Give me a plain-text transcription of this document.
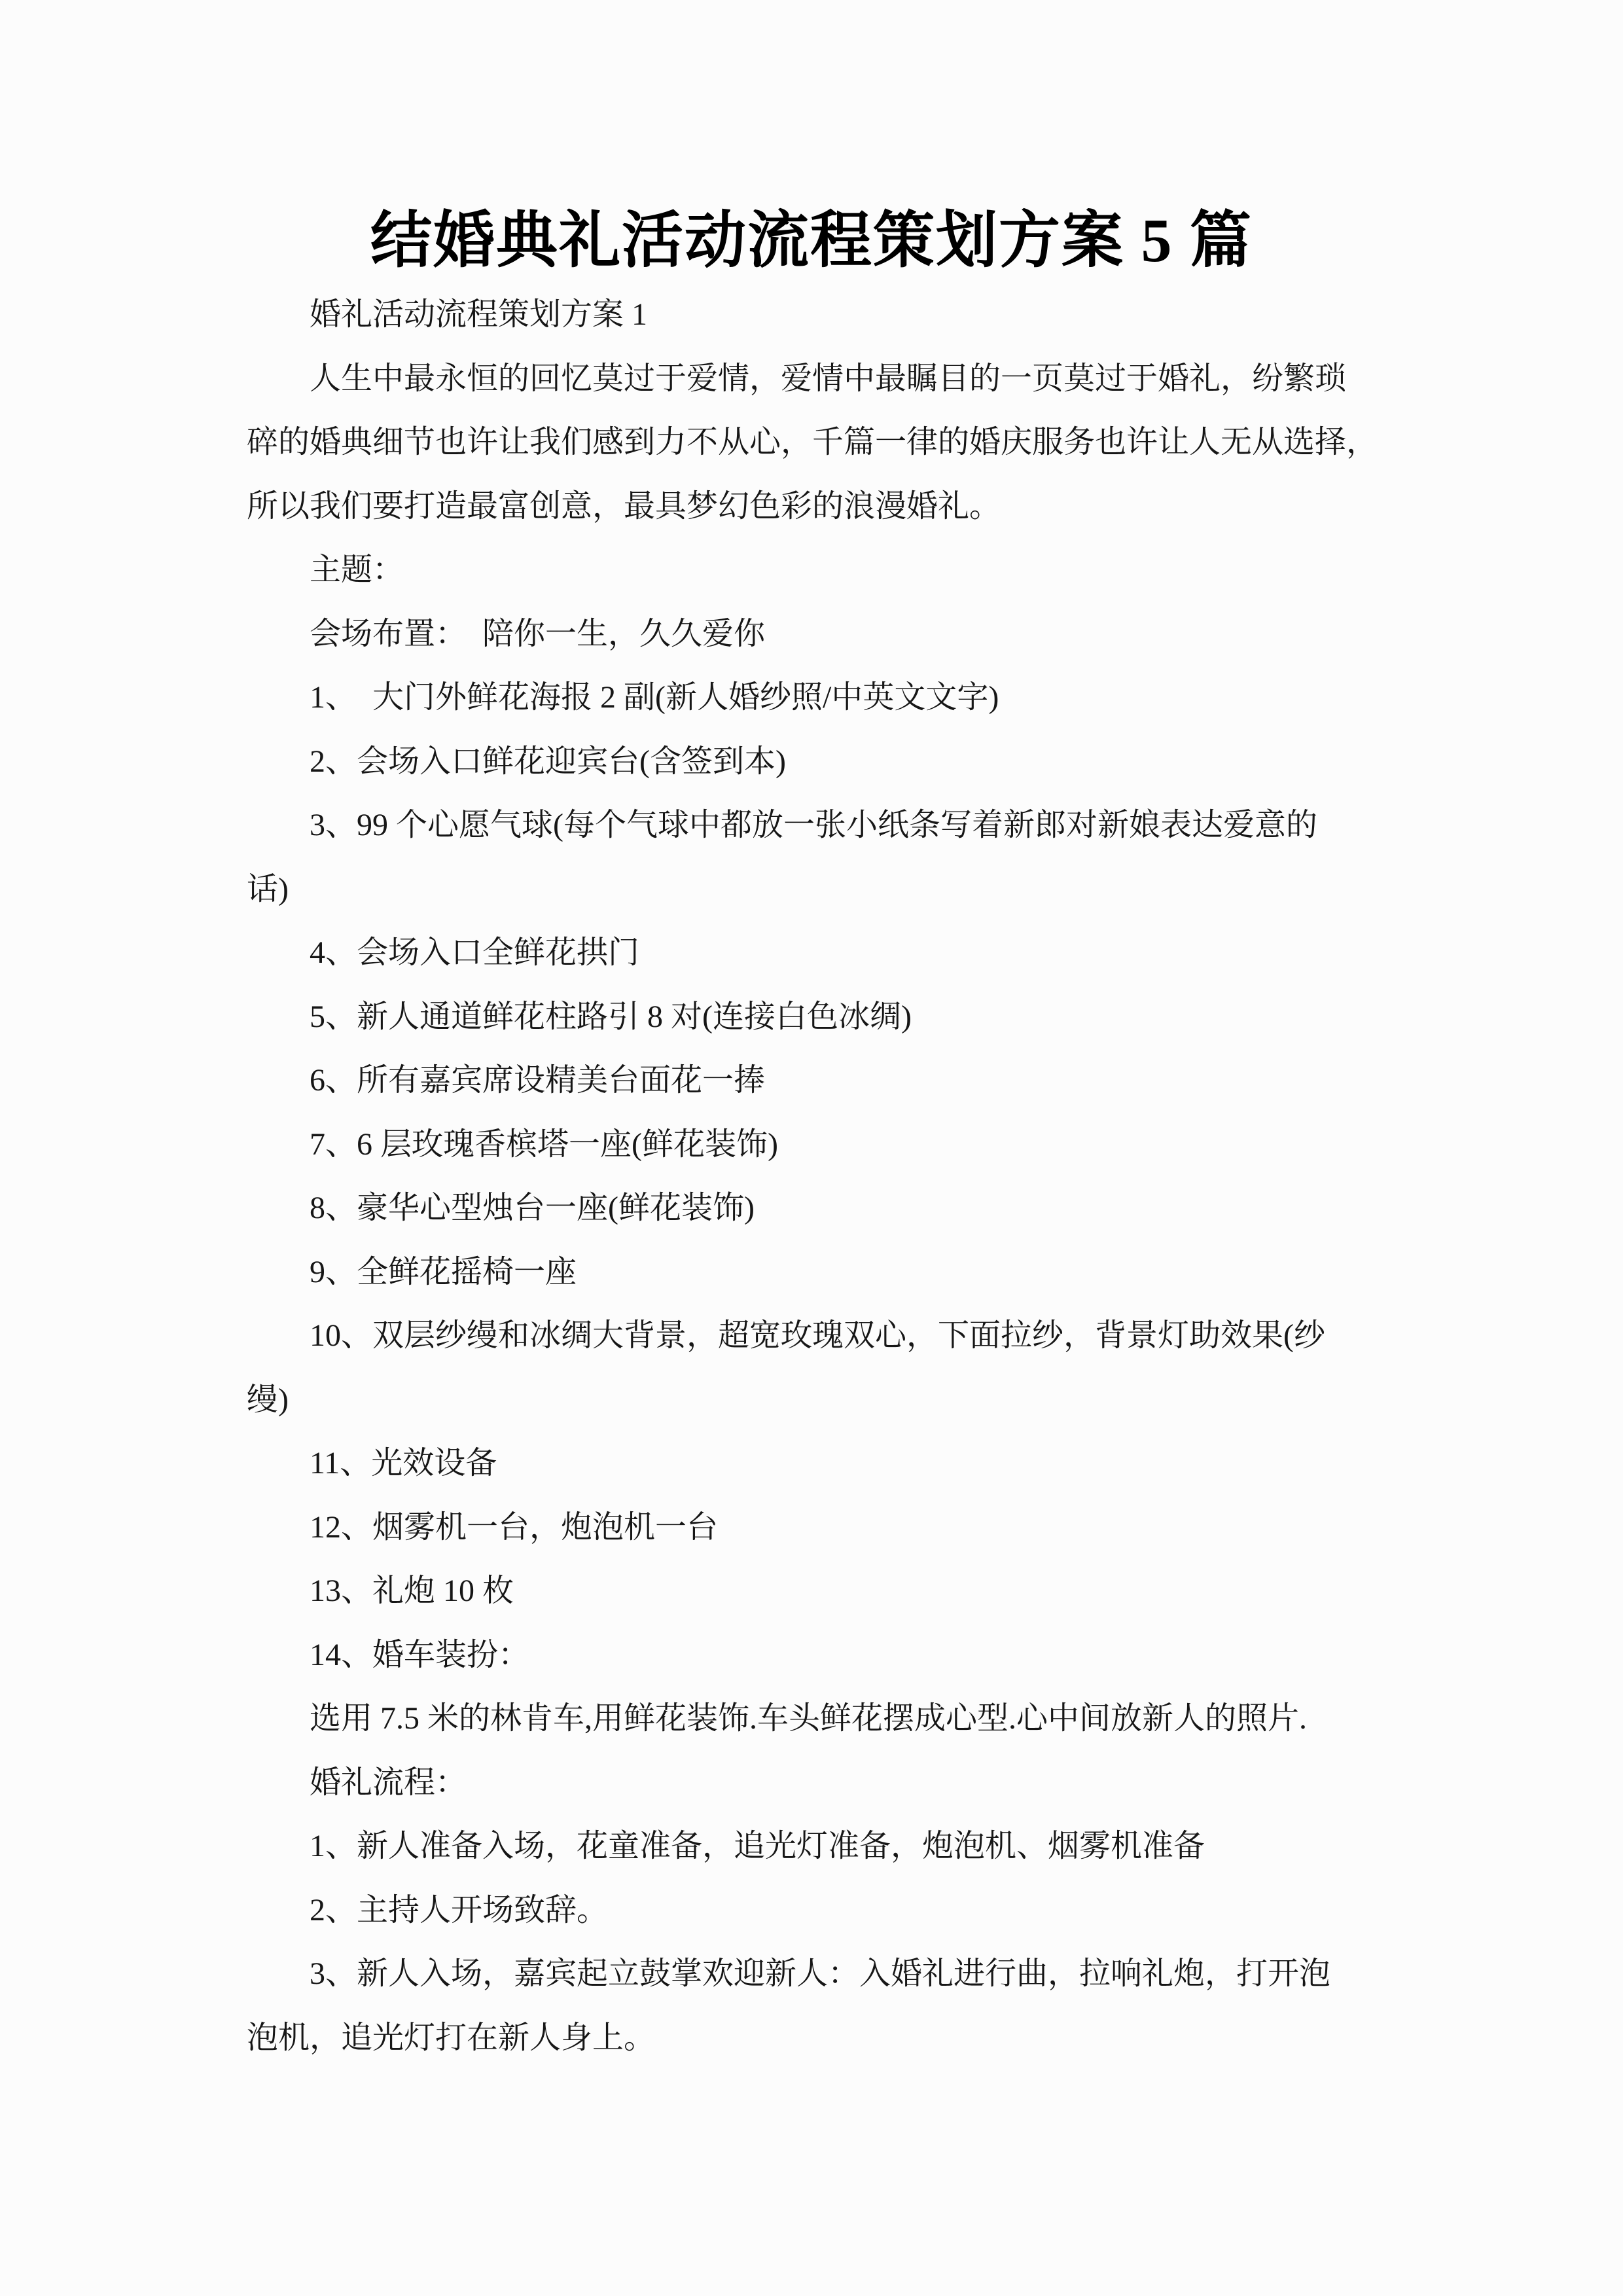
结婚典礼活动流程策划方案 5 篇
婚礼活动流程策划方案 1
人生中最永恒的回忆莫过于爱情，爱情中最瞩目的一页莫过于婚礼，纷繁琐
碎的婚典细节也许让我们感到力不从心，千篇一律的婚庆服务也许让人无从选择，
所以我们要打造最富创意，最具梦幻色彩的浪漫婚礼。
主题：
会场布置：　陪你一生，久久爱你
1、　大门外鲜花海报 2 副(新人婚纱照/中英文文字)
2、会场入口鲜花迎宾台(含签到本)
3、99 个心愿气球(每个气球中都放一张小纸条写着新郎对新娘表达爱意的
话)
4、会场入口全鲜花拱门
5、新人通道鲜花柱路引 8 对(连接白色冰绸)
6、所有嘉宾席设精美台面花一捧
7、6 层玫瑰香槟塔一座(鲜花装饰)
8、豪华心型烛台一座(鲜花装饰)
9、全鲜花摇椅一座
10、双层纱缦和冰绸大背景，超宽玫瑰双心，下面拉纱，背景灯助效果(纱
缦)
11、光效设备
12、烟雾机一台，炮泡机一台
13、礼炮 10 枚
14、婚车装扮：
选用 7.5 米的林肯车,用鲜花装饰.车头鲜花摆成心型.心中间放新人的照片.
婚礼流程：
1、新人准备入场，花童准备，追光灯准备，炮泡机、烟雾机准备
2、主持人开场致辞。
3、新人入场，嘉宾起立鼓掌欢迎新人：入婚礼进行曲，拉响礼炮，打开泡
泡机，追光灯打在新人身上。
